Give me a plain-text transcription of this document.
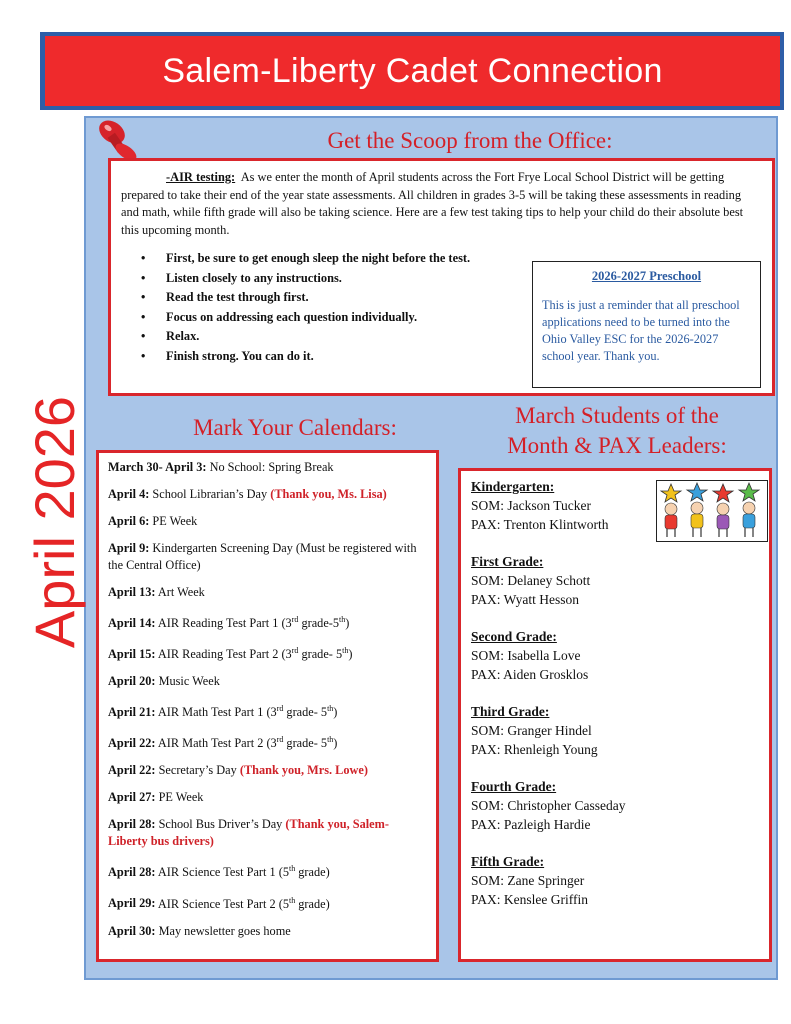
Salem-Liberty Cadet Connection
April 2026
Get the Scoop from the Office:
-AIR testing: As we enter the month of April students across the Fort Frye Local School District will be getting prepared to take their end of the year state assessments. All children in grades 3-5 will be taking these assessments in reading and math, while fifth grade will also be taking science. Here are a few test taking tips to help your child do their absolute best this upcoming month.
• First, be sure to get enough sleep the night before the test.
• Listen closely to any instructions.
• Read the test through first.
• Focus on addressing each question individually.
• Relax.
• Finish strong. You can do it.
2026-2027 Preschool
This is just a reminder that all preschool applications need to be turned into the Ohio Valley ESC for the 2026-2027 school year. Thank you.
Mark Your Calendars:
March 30- April 3: No School: Spring Break
April 4: School Librarian’s Day (Thank you, Ms. Lisa)
April 6: PE Week
April 9: Kindergarten Screening Day (Must be registered with the Central Office)
April 13: Art Week
April 14: AIR Reading Test Part 1 (3rd grade-5th)
April 15: AIR Reading Test Part 2 (3rd grade- 5th)
April 20: Music Week
April 21: AIR Math Test Part 1 (3rd grade- 5th)
April 22: AIR Math Test Part 2 (3rd grade- 5th)
April 22: Secretary’s Day (Thank you, Mrs. Lowe)
April 27: PE Week
April 28: School Bus Driver’s Day (Thank you, Salem-Liberty bus drivers)
April 28: AIR Science Test Part 1 (5th grade)
April 29: AIR Science Test Part 2 (5th grade)
April 30: May newsletter goes home
March Students of the
Month & PAX Leaders:
Kindergarten:
SOM: Jackson Tucker
PAX: Trenton Klintworth
First Grade:
SOM: Delaney Schott
PAX: Wyatt Hesson
Second Grade:
SOM: Isabella Love
PAX: Aiden Grosklos
Third Grade:
SOM: Granger Hindel
PAX: Rhenleigh Young
Fourth Grade:
SOM: Christopher Casseday
PAX: Pazleigh Hardie
Fifth Grade:
SOM: Zane Springer
PAX: Kenslee Griffin
